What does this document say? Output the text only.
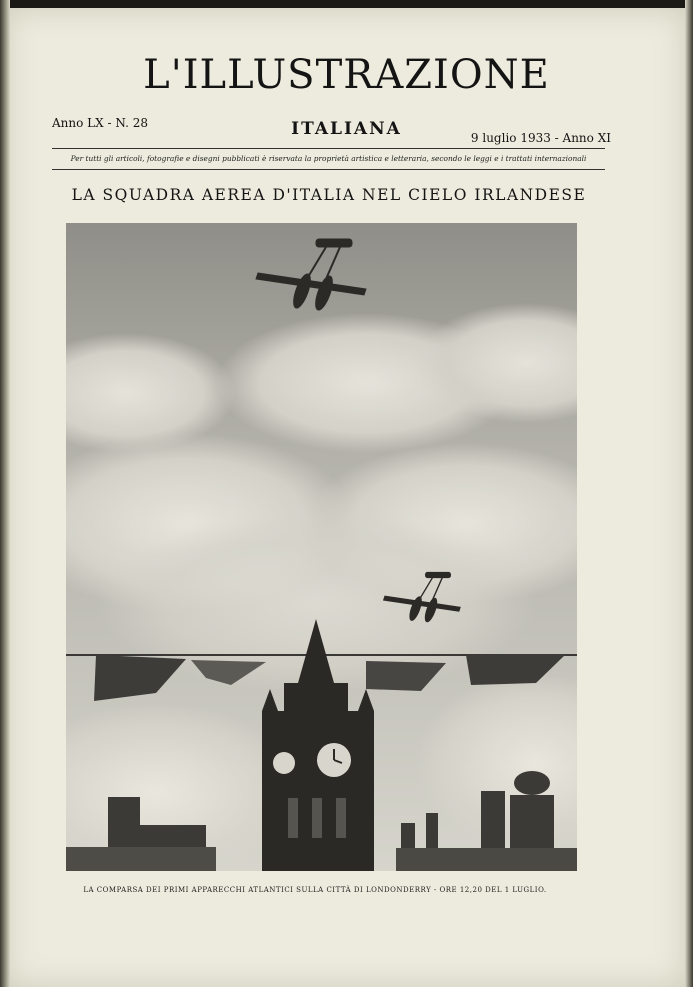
L'ILLUSTRAZIONE
Anno LX - N. 28	ITALIANA	9 luglio 1933 - Anno XI
Per tutti gli articoli, fotografie e disegni pubblicati è riservata la proprietà artistica e letteraria, secondo le leggi e i trattati internazionali
LA SQUADRA AEREA D'ITALIA NEL CIELO IRLANDESE
LA COMPARSA DEI PRIMI APPARECCHI ATLANTICI SULLA CITTÀ DI LONDONDERRY - ORE 12,20 DEL 1 LUGLIO.
